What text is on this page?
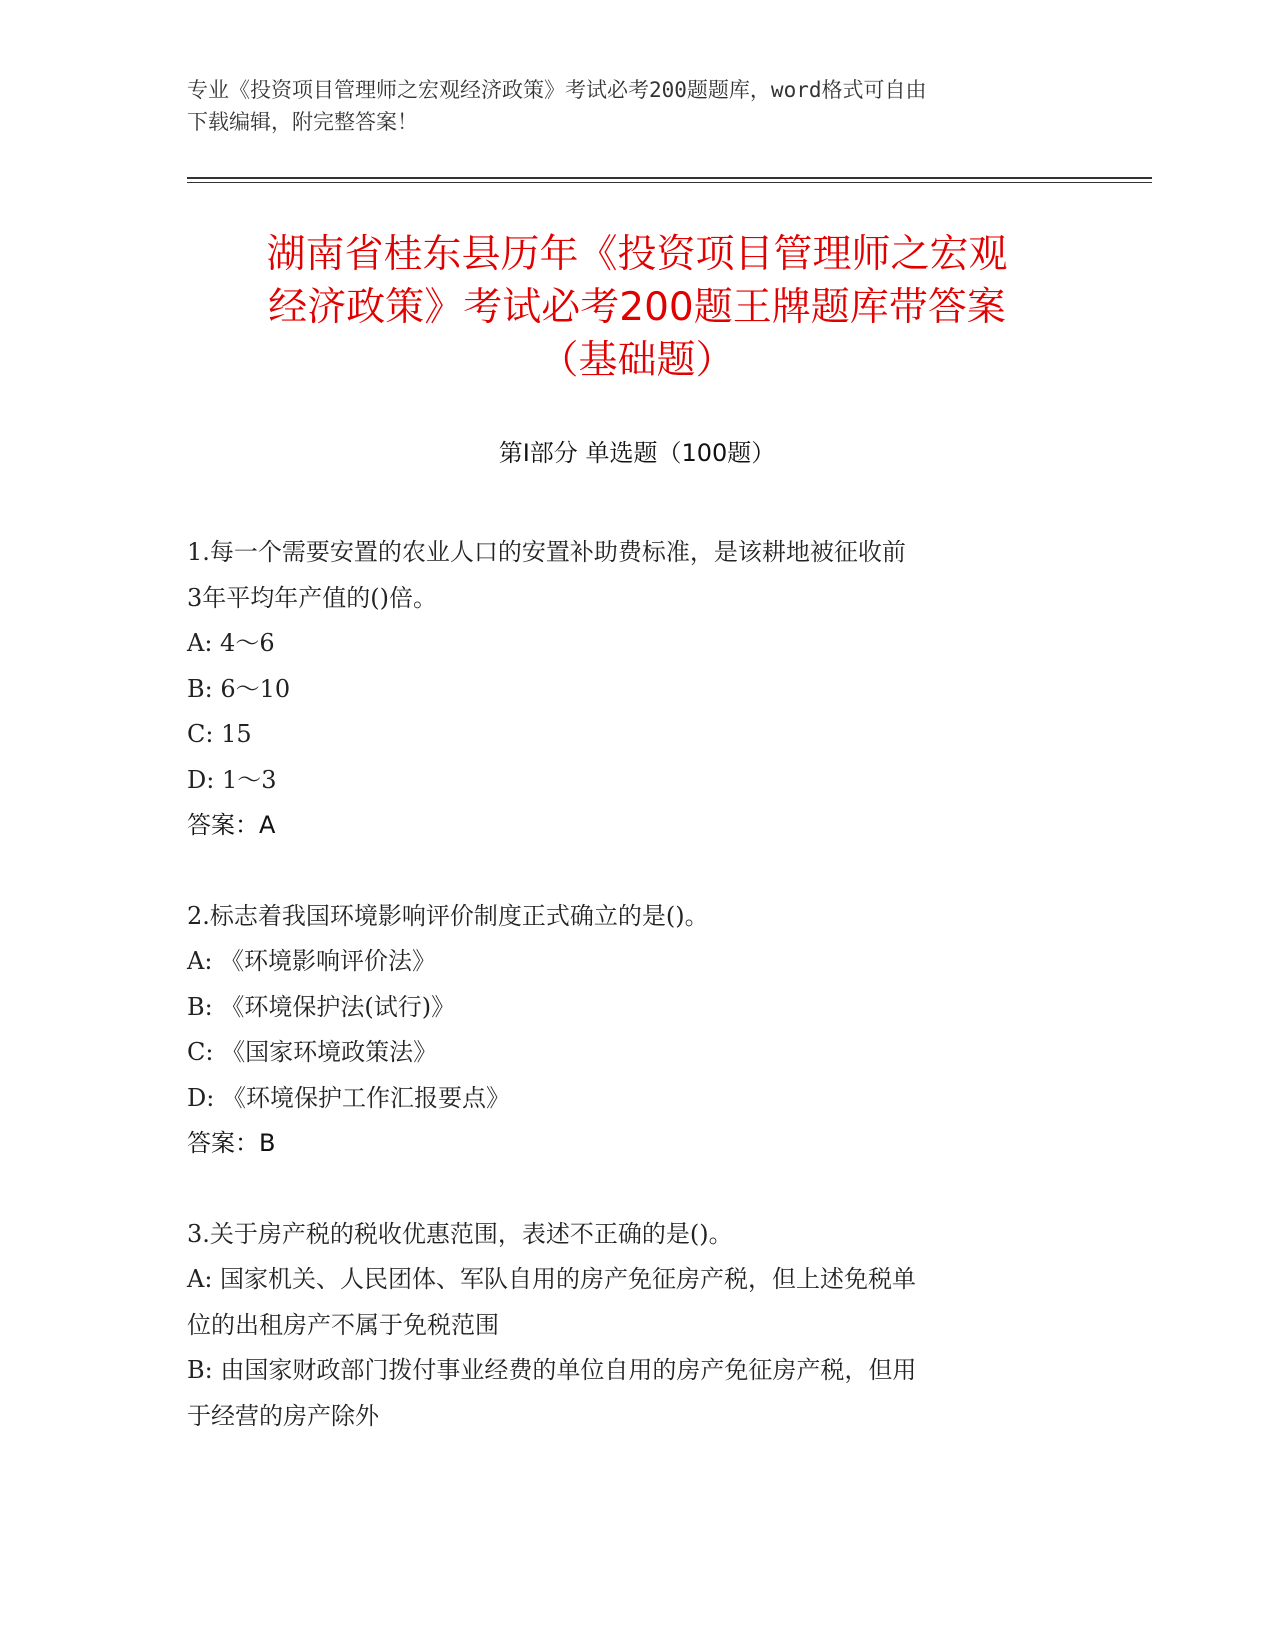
专业《投资项目管理师之宏观经济政策》考试必考200题题库，word格式可自由
下载编辑，附完整答案！
湖南省桂东县历年《投资项目管理师之宏观
经济政策》考试必考200题王牌题库带答案
（基础题）
第Ⅰ部分 单选题（100题）
1.每一个需要安置的农业人口的安置补助费标准，是该耕地被征收前
3年平均年产值的()倍。
A: 4～6
B: 6～10
C: 15
D: 1～3
答案：A
2.标志着我国环境影响评价制度正式确立的是()。
A: 《环境影响评价法》
B: 《环境保护法(试行)》
C: 《国家环境政策法》
D: 《环境保护工作汇报要点》
答案：B
3.关于房产税的税收优惠范围，表述不正确的是()。
A: 国家机关、人民团体、军队自用的房产免征房产税，但上述免税单
位的出租房产不属于免税范围
B: 由国家财政部门拨付事业经费的单位自用的房产免征房产税，但用
于经营的房产除外
